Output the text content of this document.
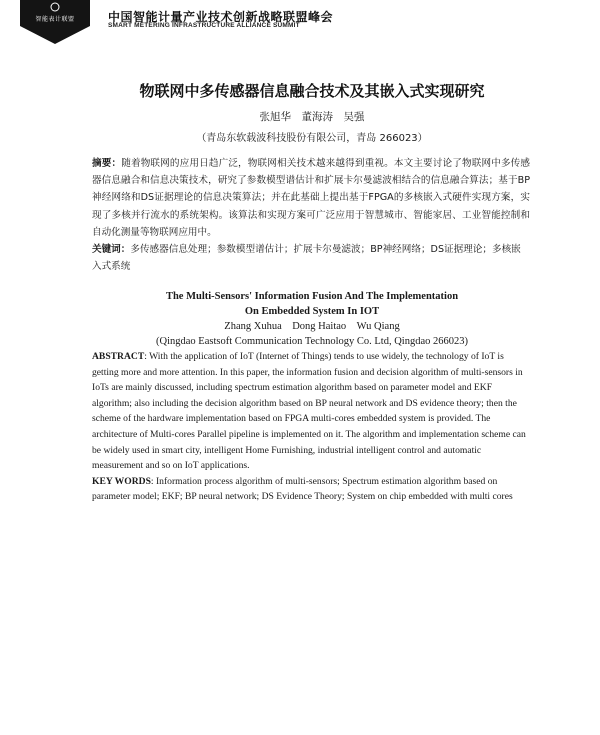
智能表计联盟	中国智能计量产业技术创新战略联盟峰会
SMART METERING INFRASTRUCTURE ALLIANCE SUMMIT
物联网中多传感器信息融合技术及其嵌入式实现研究
张旭华　董海涛　吴强
（青岛东软载波科技股份有限公司，青岛 266023）
摘要：随着物联网的应用日趋广泛，物联网相关技术越来越得到重视。本文主要讨论了物联网中多传感器信息融合和信息决策技术，研究了参数模型谱估计和扩展卡尔曼滤波相结合的信息融合算法；基于BP神经网络和DS证据理论的信息决策算法；并在此基础上提出基于FPGA的多核嵌入式硬件实现方案，实现了多核并行流水的系统架构。该算法和实现方案可广泛应用于智慧城市、智能家居、工业智能控制和自动化测量等物联网应用中。
关键词：多传感器信息处理；参数模型谱估计；扩展卡尔曼滤波；BP神经网络；DS证据理论；多核嵌入式系统
The Multi-Sensors' Information Fusion And The Implementation
On Embedded System In IOT
Zhang Xuhua　Dong Haitao　Wu Qiang
(Qingdao Eastsoft Communication Technology Co. Ltd, Qingdao 266023)

ABSTRACT: With the application of IoT (Internet of Things) tends to use widely, the technology of IoT is getting more and more attention. In this paper, the information fusion and decision algorithm of multi-sensors in IoTs are mainly discussed, including spectrum estimation algorithm based on parameter model and EKF algorithm; also including the decision algorithm based on BP neural network and DS evidence theory; then the scheme of the hardware implementation based on FPGA multi-cores embedded system is provided. The architecture of Multi-cores Parallel pipeline is implemented on it. The algorithm and implementation scheme can be widely used in smart city, intelligent Home Furnishing, industrial intelligent control and automatic measurement and so on IoT applications.

KEY WORDS: Information process algorithm of multi-sensors; Spectrum estimation algorithm based on parameter model; EKF; BP neural network; DS Evidence Theory; System on chip embedded with multi cores
